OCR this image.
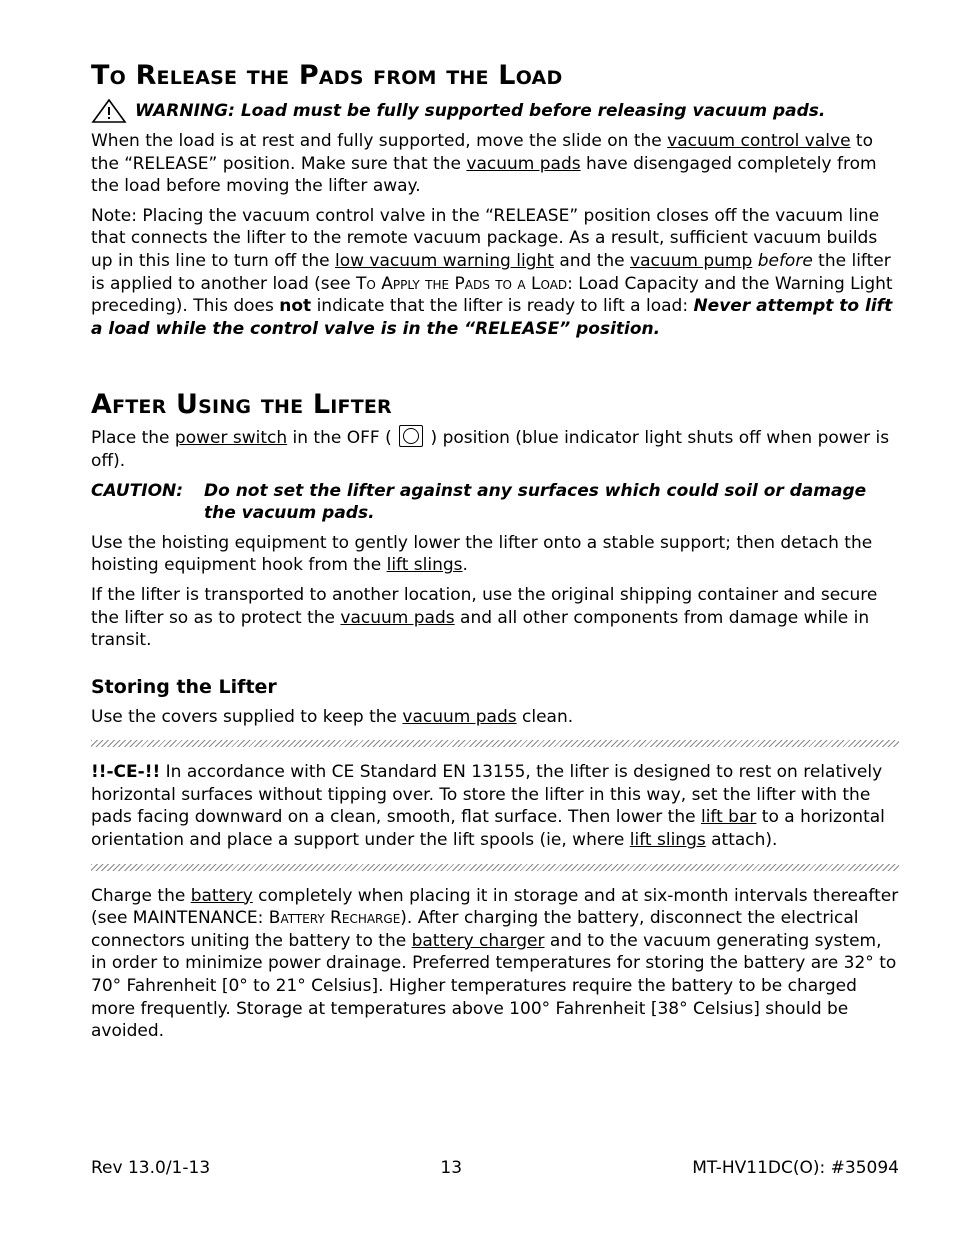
To Release the Pads from the Load
WARNING: Load must be fully supported before releasing vacuum pads.

When the load is at rest and fully supported, move the slide on the vacuum control valve to the “RELEASE” position. Make sure that the vacuum pads have disengaged completely from the load before moving the lifter away.

Note: Placing the vacuum control valve in the “RELEASE” position closes off the vacuum line that connects the lifter to the remote vacuum package. As a result, sufficient vacuum builds up in this line to turn off the low vacuum warning light and the vacuum pump before the lifter is applied to another load (see To Apply the Pads to a Load: Load Capacity and the Warning Light preceding). This does not indicate that the lifter is ready to lift a load: Never attempt to lift a load while the control valve is in the “RELEASE” position.

After Using the Lifter

Place the power switch in the OFF (  ) position (blue indicator light shuts off when power is off).

CAUTION:	Do not set the lifter against any surfaces which could soil or damage the vacuum pads.

Use the hoisting equipment to gently lower the lifter onto a stable support; then detach the hoisting equipment hook from the lift slings.

If the lifter is transported to another location, use the original shipping container and secure the lifter so as to protect the vacuum pads and all other components from damage while in transit.

Storing the Lifter

Use the covers supplied to keep the vacuum pads clean.

!!-CE-!! In accordance with CE Standard EN 13155, the lifter is designed to rest on relatively horizontal surfaces without tipping over. To store the lifter in this way, set the lifter with the pads facing downward on a clean, smooth, flat surface. Then lower the lift bar to a horizontal orientation and place a support under the lift spools (ie, where lift slings attach).

Charge the battery completely when placing it in storage and at six-month intervals thereafter (see MAINTENANCE: Battery Recharge). After charging the battery, disconnect the electrical connectors uniting the battery to the battery charger and to the vacuum generating system, in order to minimize power drainage. Preferred temperatures for storing the battery are 32° to 70° Fahrenheit [0° to 21° Celsius]. Higher temperatures require the battery to be charged more frequently. Storage at temperatures above 100° Fahrenheit [38° Celsius] should be avoided.

Rev 13.0/1-13	13	MT-HV11DC(O): #35094
